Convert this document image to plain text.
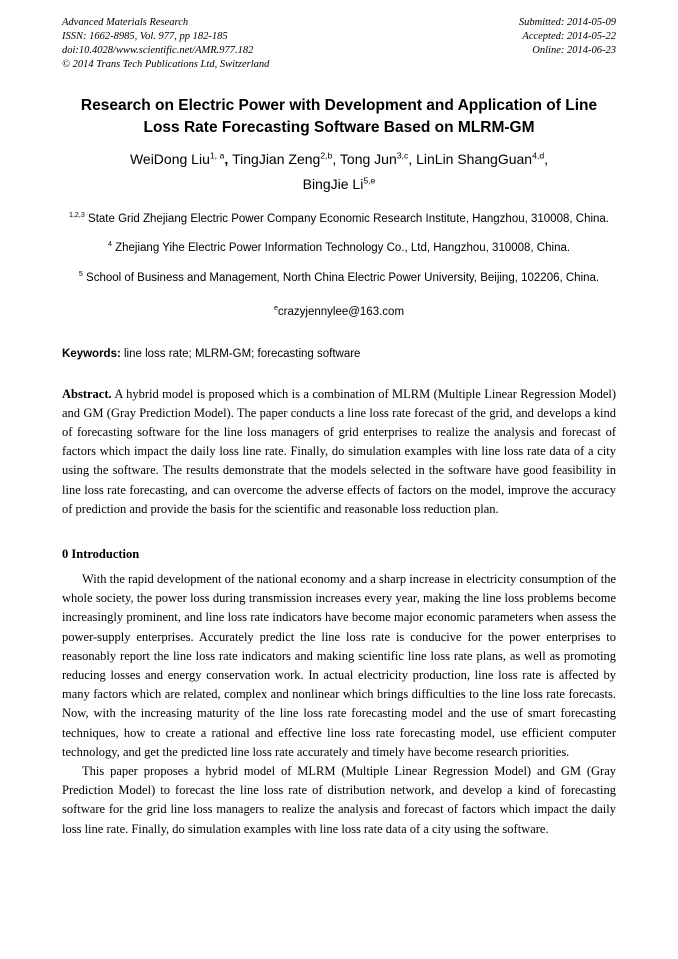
Advanced Materials Research
ISSN: 1662-8985, Vol. 977, pp 182-185
doi:10.4028/www.scientific.net/AMR.977.182
© 2014 Trans Tech Publications Ltd, Switzerland
Submitted: 2014-05-09
Accepted: 2014-05-22
Online: 2014-06-23
Research on Electric Power with Development and Application of Line Loss Rate Forecasting Software Based on MLRM-GM
WeiDong Liu$^{1, a}$, TingJian Zeng$^{2,b}$, Tong Jun$^{3,c}$, LinLin ShangGuan$^{4,d}$,
BingJie Li$^{5,e}$
$^{1,2,3}$ State Grid Zhejiang Electric Power Company Economic Research Institute, Hangzhou, 310008, China.
$^4$ Zhejiang Yihe Electric Power Information Technology Co., Ltd, Hangzhou, 310008, China.
$^5$ School of Business and Management, North China Electric Power University, Beijing, 102206, China.
$^e$crazyjennylee@163.com
Keywords: line loss rate; MLRM-GM; forecasting software
Abstract. A hybrid model is proposed which is a combination of MLRM (Multiple Linear Regression Model) and GM (Gray Prediction Model). The paper conducts a line loss rate forecast of the grid, and develops a kind of forecasting software for the line loss managers of grid enterprises to realize the analysis and forecast of factors which impact the daily loss line rate. Finally, do simulation examples with line loss rate data of a city using the software. The results demonstrate that the models selected in the software have good feasibility in line loss rate forecasting, and can overcome the adverse effects of factors on the model, improve the accuracy of prediction and provide the basis for the scientific and reasonable loss reduction plan.
0 Introduction

With the rapid development of the national economy and a sharp increase in electricity consumption of the whole society, the power loss during transmission increases every year, making the line loss problems become increasingly prominent, and line loss rate indicators have become major economic parameters when assess the power-supply enterprises. Accurately predict the line loss rate is conducive for the power enterprises to reasonably report the line loss rate indicators and making scientific line loss rate plans, as well as promoting reducing losses and energy conservation work. In actual electricity production, line loss rate is affected by many factors which are related, complex and nonlinear which brings difficulties to the line loss rate forecasts. Now, with the increasing maturity of the line loss rate forecasting model and the use of smart forecasting techniques, how to create a rational and effective line loss rate forecasting model, use efficient computer technology, and get the predicted line loss rate accurately and timely have become research priorities.

This paper proposes a hybrid model of MLRM (Multiple Linear Regression Model) and GM (Gray Prediction Model) to forecast the line loss rate of distribution network, and develop a kind of forecasting software for the grid line loss managers to realize the analysis and forecast of factors which impact the daily loss line rate. Finally, do simulation examples with line loss rate data of a city using the software.
